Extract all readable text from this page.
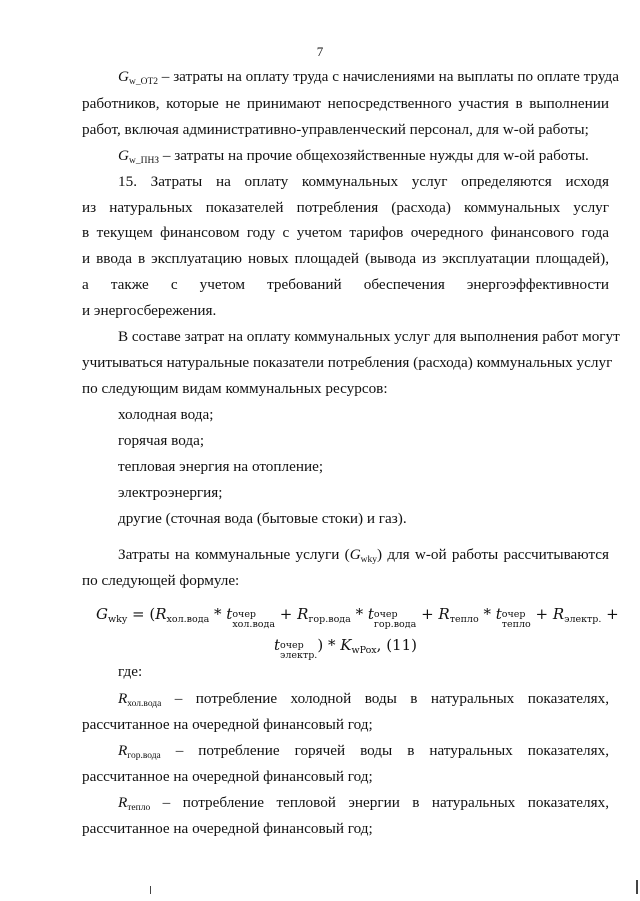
7
$G_{w\_ОТ2}$ – затраты на оплату труда с начислениями на выплаты по оплате труда
работников, которые не принимают непосредственного участия в выполнении
работ, включая административно-управленческий персонал, для w-ой работы;
$G_{w\_ПНЗ}$ – затраты на прочие общехозяйственные нужды для w-ой работы.
15. Затраты на оплату коммунальных услуг определяются исходя
из натуральных показателей потребления (расхода) коммунальных услуг
в текущем финансовом году с учетом тарифов очередного финансового года
и ввода в эксплуатацию новых площадей (вывода из эксплуатации площадей),
а также с учетом требований обеспечения энергоэффективности
и энергосбережения.
В составе затрат на оплату коммунальных услуг для выполнения работ могут
учитываться натуральные показатели потребления (расхода) коммунальных услуг
по следующим видам коммунальных ресурсов:
холодная вода;
горячая вода;
тепловая энергия на отопление;
электроэнергия;
другие (сточная вода (бытовые стоки) и газ).
Затраты на коммунальные услуги $(G_{wky})$ для w-ой работы рассчитываются
по следующей формуле:
$G_{wky} = (R_{хол.вода} * t$ очер
хол.вода
+ $R_{гор.вода}$ * t очер
гор.вода
+ $R_{тепло}$ * t очер
тепло
+ $R_{электр.}$ +
t очер
электр.
) * $K_{wPox}$, (11)
где:
$R_{хол.вода}$ – потребление холодной воды в натуральных показателях,
рассчитанное на очередной финансовый год;
$R_{гор.вода}$ – потребление горячей воды в натуральных показателях,
рассчитанное на очередной финансовый год;
$R_{тепло}$ – потребление тепловой энергии в натуральных показателях,
рассчитанное на очередной финансовый год;
